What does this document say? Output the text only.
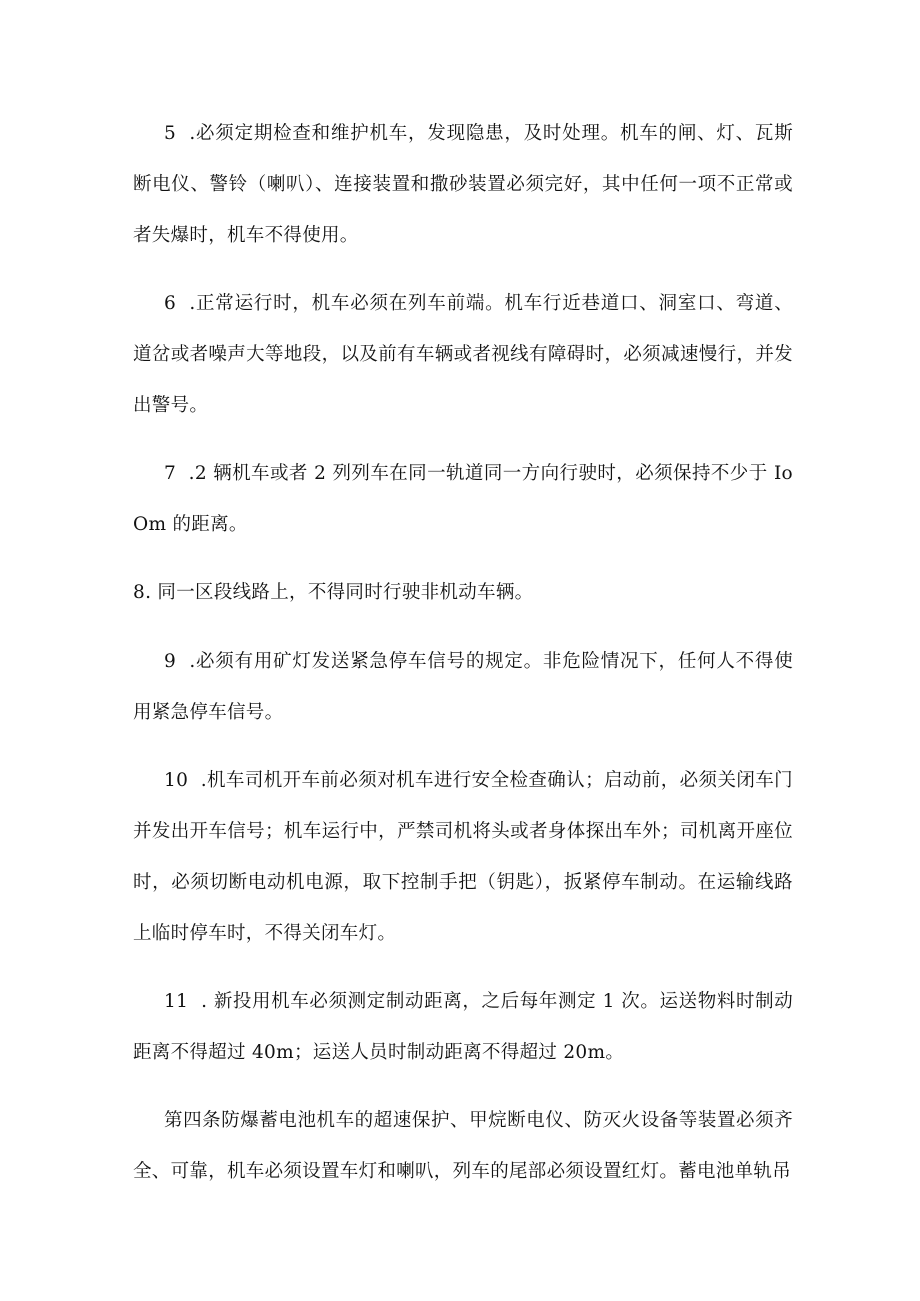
5  .必须定期检查和维护机车，发现隐患，及时处理。机车的闸、灯、瓦斯断电仪、警铃（喇叭）、连接装置和撒砂装置必须完好，其中任何一项不正常或者失爆时，机车不得使用。

6  .正常运行时，机车必须在列车前端。机车行近巷道口、洞室口、弯道、道岔或者噪声大等地段，以及前有车辆或者视线有障碍时，必须减速慢行，并发出警号。

7  .2 辆机车或者 2 列列车在同一轨道同一方向行驶时，必须保持不少于 IoOm 的距离。

8. 同一区段线路上，不得同时行驶非机动车辆。

9  .必须有用矿灯发送紧急停车信号的规定。非危险情况下，任何人不得使用紧急停车信号。

10  .机车司机开车前必须对机车进行安全检查确认；启动前，必须关闭车门并发出开车信号；机车运行中，严禁司机将头或者身体探出车外；司机离开座位时，必须切断电动机电源，取下控制手把（钥匙），扳紧停车制动。在运输线路上临时停车时，不得关闭车灯。

11  . 新投用机车必须测定制动距离，之后每年测定 1 次。运送物料时制动距离不得超过 40m；运送人员时制动距离不得超过 20m。

第四条防爆蓄电池机车的超速保护、甲烷断电仪、防灭火设备等装置必须齐全、可靠，机车必须设置车灯和喇叭，列车的尾部必须设置红灯。蓄电池单轨吊
